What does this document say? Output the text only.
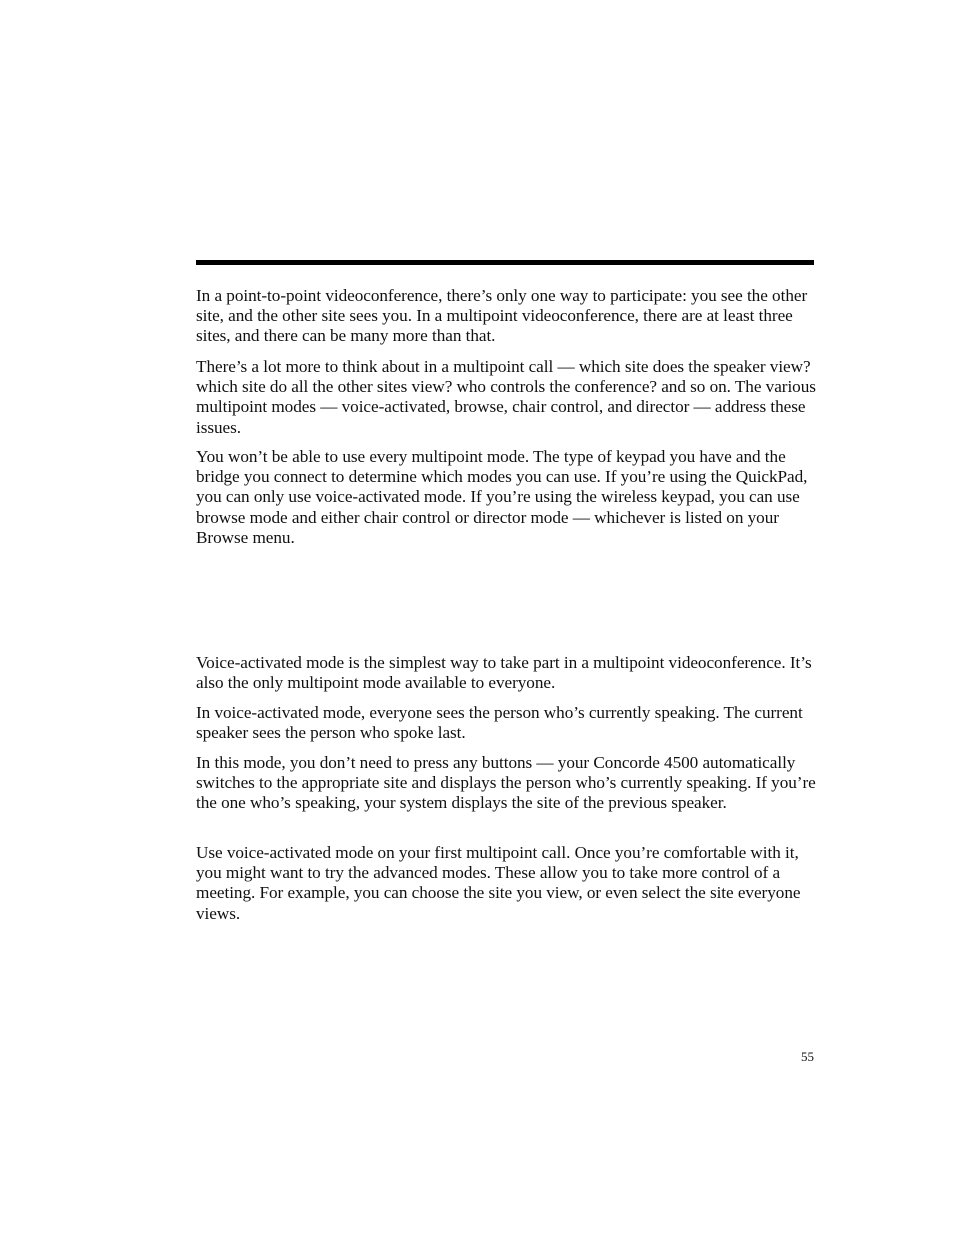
In a point-to-point videoconference, there’s only one way to participate: you see the other site, and the other site sees you. In a multipoint videoconference, there are at least three sites, and there can be many more than that.

There’s a lot more to think about in a multipoint call — which site does the speaker view? which site do all the other sites view? who controls the conference? and so on. The various multipoint modes — voice-activated, browse, chair control, and director — address these issues.

You won’t be able to use every multipoint mode. The type of keypad you have and the bridge you connect to determine which modes you can use. If you’re using the QuickPad, you can only use voice-activated mode. If you’re using the wireless keypad, you can use browse mode and either chair control or director mode — whichever is listed on your Browse menu.

Voice-activated mode is the simplest way to take part in a multipoint videoconference. It’s also the only multipoint mode available to everyone.

In voice-activated mode, everyone sees the person who’s currently speaking. The current speaker sees the person who spoke last.

In this mode, you don’t need to press any buttons — your Concorde 4500 automatically switches to the appropriate site and displays the person who’s currently speaking. If you’re the one who’s speaking, your system displays the site of the previous speaker.

Use voice-activated mode on your first multipoint call. Once you’re comfortable with it, you might want to try the advanced modes. These allow you to take more control of a meeting. For example, you can choose the site you view, or even select the site everyone views.

55
